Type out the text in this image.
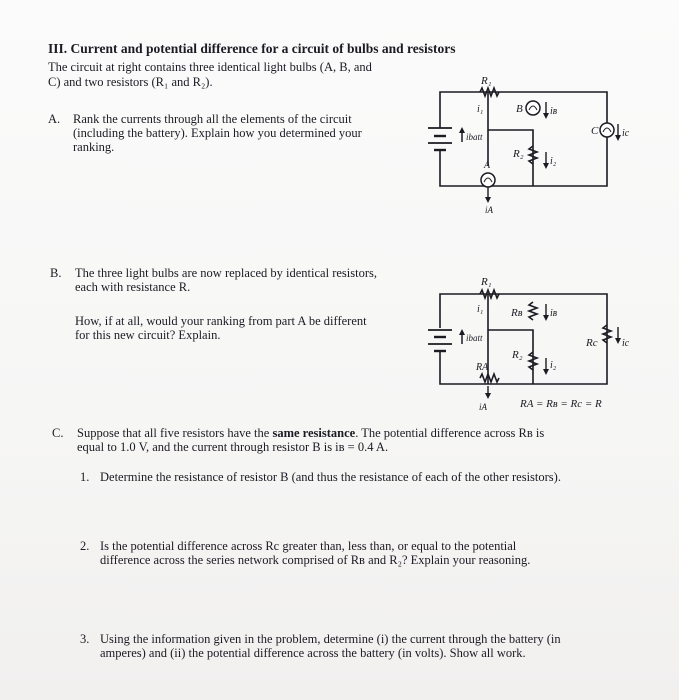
III. Current and potential difference for a circuit of bulbs and resistors
The circuit at right contains three identical light bulbs (A, B, and
C) and two resistors (R₁ and R₂).
A. Rank the currents through all the elements of the circuit
(including the battery). Explain how you determined your
ranking.
B. The three light bulbs are now replaced by identical resistors,
each with resistance R.
How, if at all, would your ranking from part A be different
for this new circuit? Explain.
C. Suppose that all five resistors have the same resistance. The potential difference across Rʙ is
equal to 1.0 V, and the current through resistor B is iʙ = 0.4 A.
1. Determine the resistance of resistor B (and thus the resistance of each of the other resistors).
2. Is the potential difference across Rc greater than, less than, or equal to the potential
difference across the series network comprised of Rʙ and R₂? Explain your reasoning.
3. Using the information given in the problem, determine (i) the current through the battery (in
amperes) and (ii) the potential difference across the battery (in volts). Show all work.
R₁
i₁	B	iʙ
C ic
ibatt
R₂
i₂
A
iA
R₁
i₁	Rʙ	iʙ
Rc ic
ibatt
R₂
i₂
RA
iA	RA = Rʙ = Rc = R
